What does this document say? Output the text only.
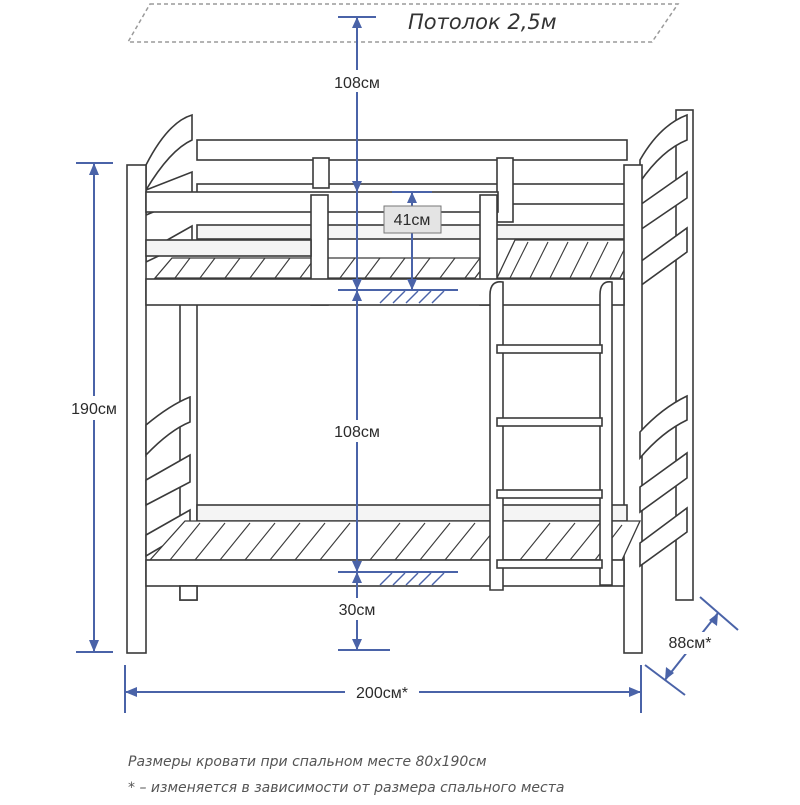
Потолок 2,5м
41см
108см
108см
30см
190см
200см*
88см*
Размеры кровати при спальном месте 80х190см
* – изменяется в зависимости от размера спального места
